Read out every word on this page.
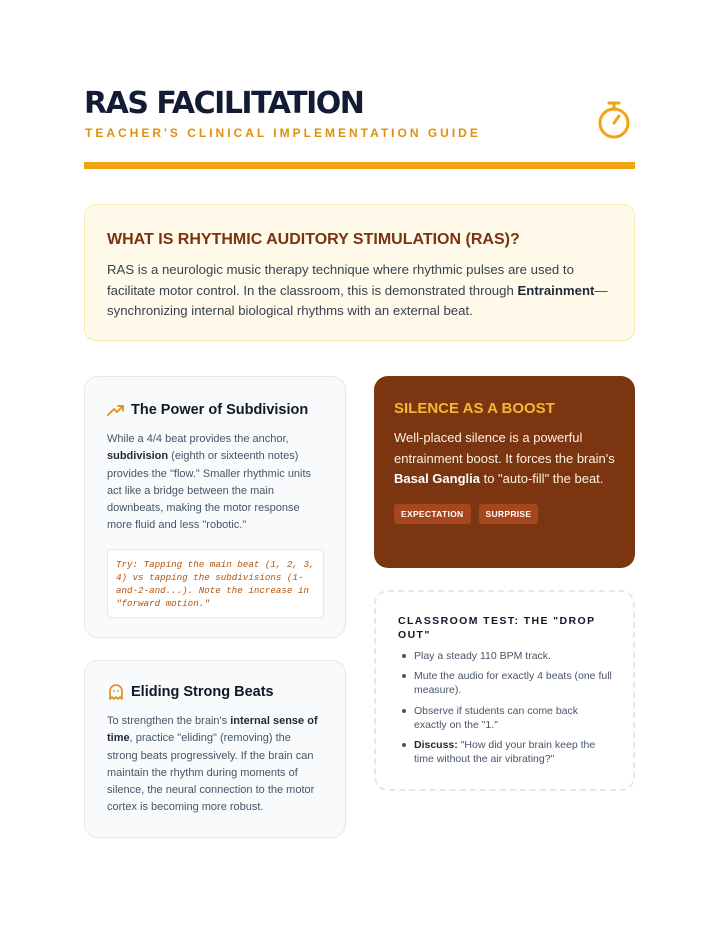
RAS FACILITATION
TEACHER'S CLINICAL IMPLEMENTATION GUIDE
WHAT IS RHYTHMIC AUDITORY STIMULATION (RAS)?

RAS is a neurologic music therapy technique where rhythmic pulses are used to facilitate motor control. In the classroom, this is demonstrated through Entrainment—synchronizing internal biological rhythms with an external beat.

The Power of Subdivision

While a 4/4 beat provides the anchor, subdivision (eighth or sixteenth notes) provides the "flow." Smaller rhythmic units act like a bridge between the main downbeats, making the motor response more fluid and less "robotic."

Try: Tapping the main beat (1, 2, 3, 4) vs tapping the subdivisions (1-and-2-and...). Note the increase in "forward motion."
Eliding Strong Beats

To strengthen the brain's internal sense of time, practice "eliding" (removing) the strong beats progressively. If the brain can maintain the rhythm during moments of silence, the neural connection to the motor cortex is becoming more robust.

SILENCE AS A BOOST

Well-placed silence is a powerful entrainment boost. It forces the brain's Basal Ganglia to "auto-fill" the beat.

EXPECTATION	SURPRISE
CLASSROOM TEST: THE "DROP OUT"
Play a steady 110 BPM track.
Mute the audio for exactly 4 beats (one full measure).
Observe if students can come back exactly on the "1."
Discuss: "How did your brain keep the time without the air vibrating?"
